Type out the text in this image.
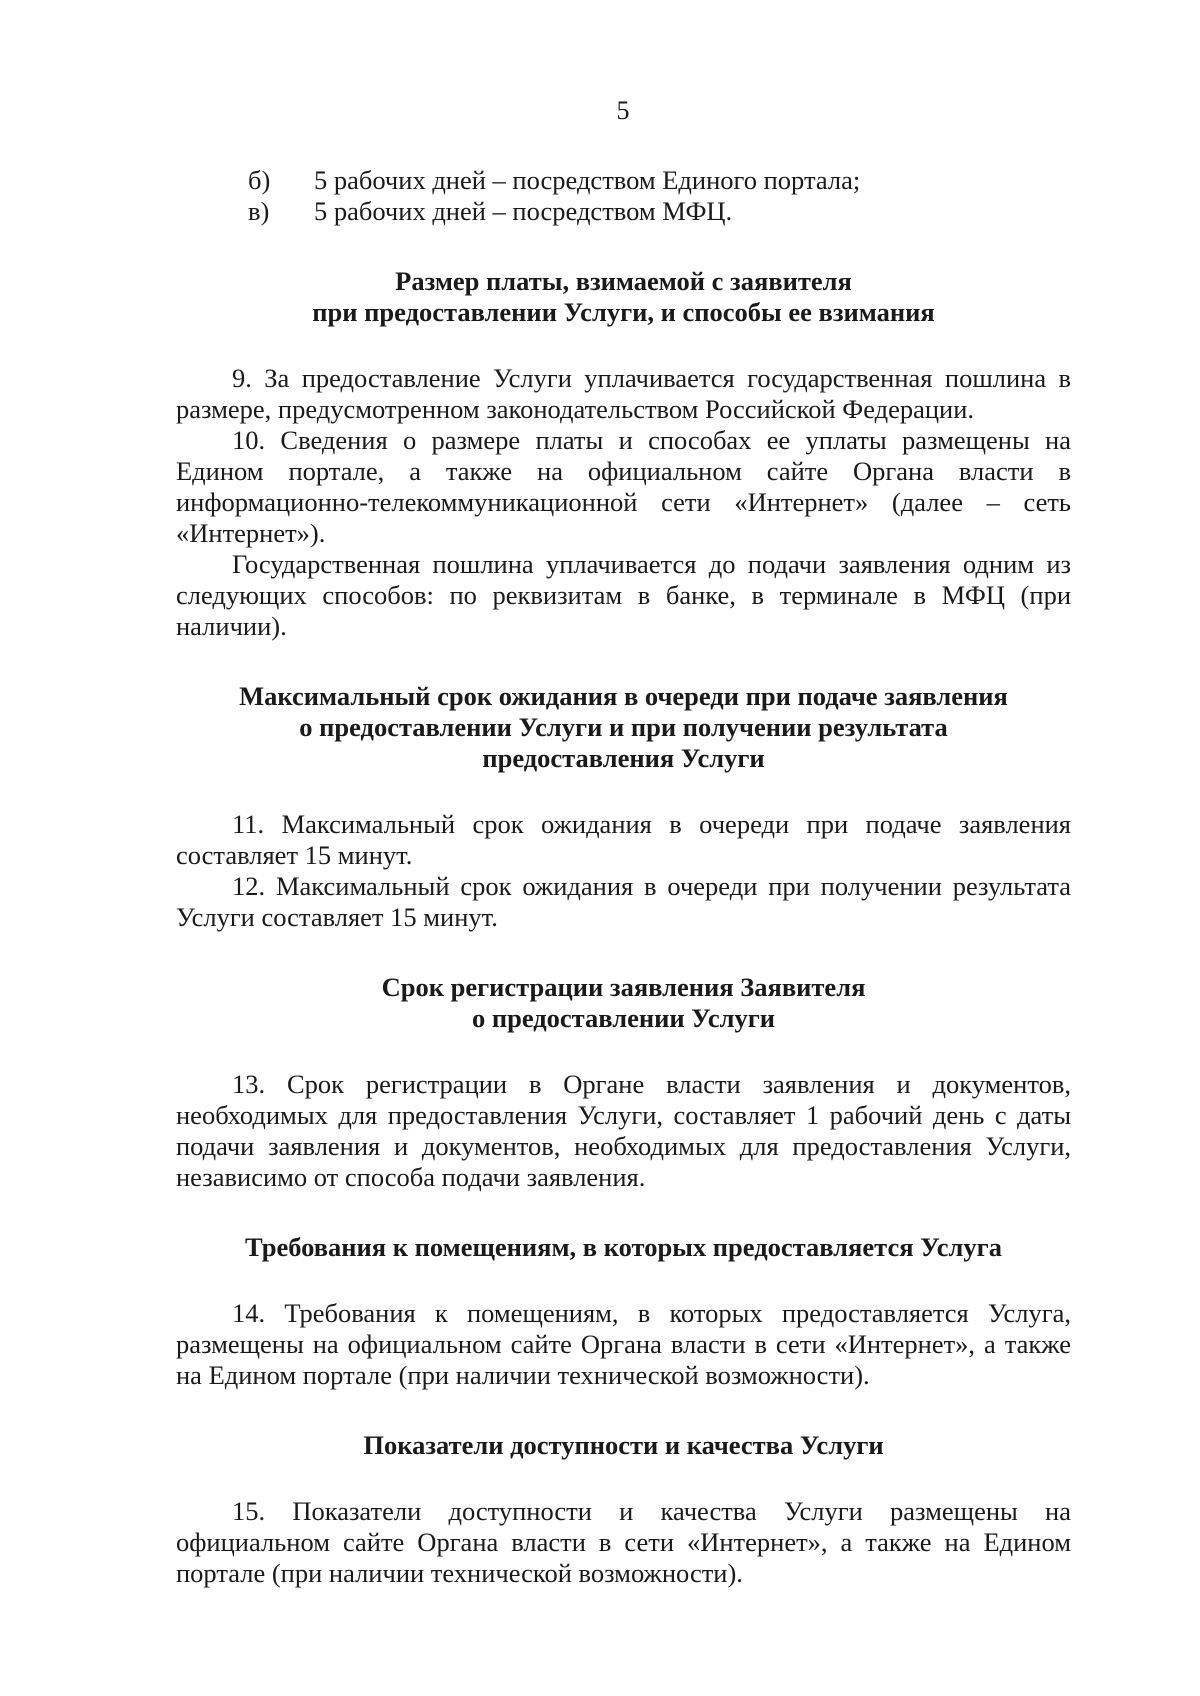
5
б)	5 рабочих дней – посредством Единого портала;
в)	5 рабочих дней – посредством МФЦ.
Размер платы, взимаемой с заявителя
при предоставлении Услуги, и способы ее взимания

9. За предоставление Услуги уплачивается государственная пошлина в размере, предусмотренном законодательством Российской Федерации.

10. Сведения о размере платы и способах ее уплаты размещены на Едином портале, а также на официальном сайте Органа власти в информационно-телекоммуникационной сети «Интернет» (далее – сеть «Интернет»).

Государственная пошлина уплачивается до подачи заявления одним из следующих способов: по реквизитам в банке, в терминале в МФЦ (при наличии).

Максимальный срок ожидания в очереди при подаче заявления
о предоставлении Услуги и при получении результата
предоставления Услуги

11. Максимальный срок ожидания в очереди при подаче заявления составляет 15 минут.

12. Максимальный срок ожидания в очереди при получении результата Услуги составляет 15 минут.

Срок регистрации заявления Заявителя
о предоставлении Услуги

13. Срок регистрации в Органе власти заявления и документов, необходимых для предоставления Услуги, составляет 1 рабочий день с даты подачи заявления и документов, необходимых для предоставления Услуги, независимо от способа подачи заявления.

Требования к помещениям, в которых предоставляется Услуга

14. Требования к помещениям, в которых предоставляется Услуга, размещены на официальном сайте Органа власти в сети «Интернет», а также на Едином портале (при наличии технической возможности).

Показатели доступности и качества Услуги

15. Показатели доступности и качества Услуги размещены на официальном сайте Органа власти в сети «Интернет», а также на Едином портале (при наличии технической возможности).
